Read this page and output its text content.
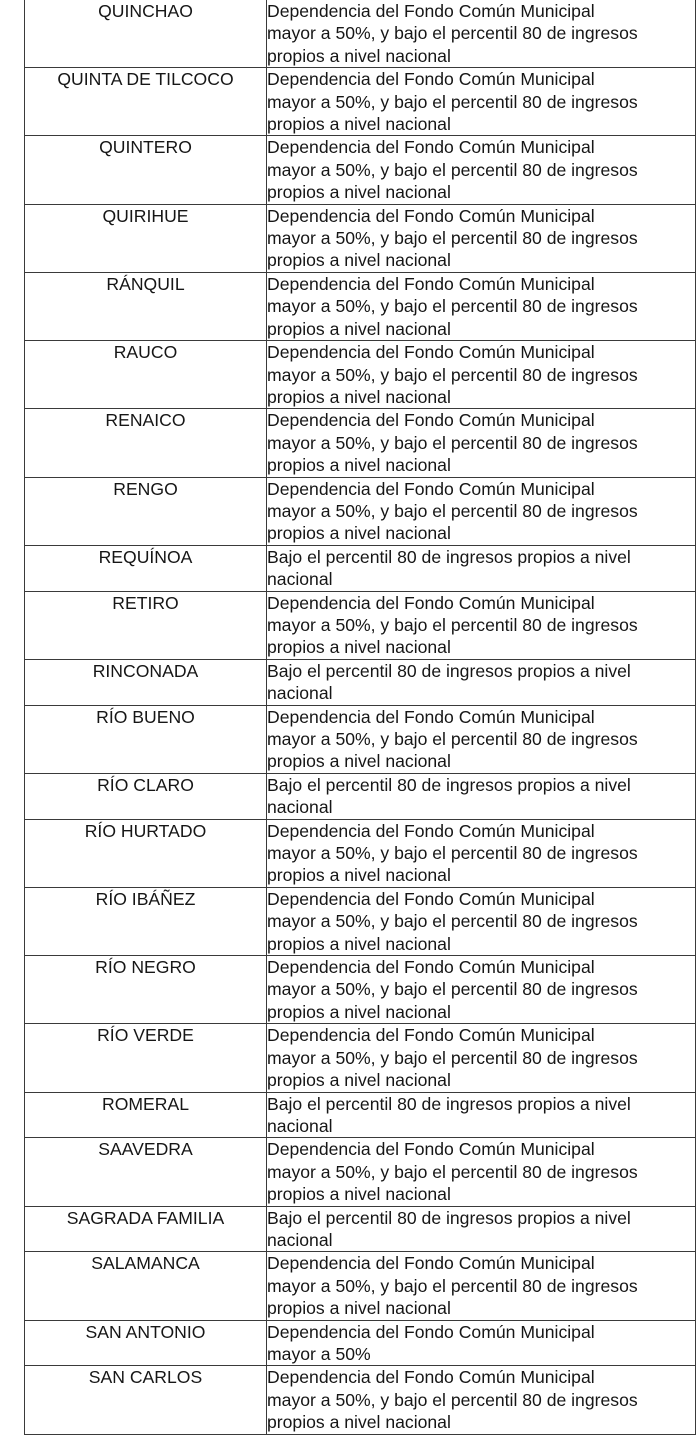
QUINCHAO	Dependencia del Fondo Común Municipal
mayor a 50%, y bajo el percentil 80 de ingresos
propios a nivel nacional

QUINTA DE TILCOCO	Dependencia del Fondo Común Municipal
mayor a 50%, y bajo el percentil 80 de ingresos
propios a nivel nacional

QUINTERO	Dependencia del Fondo Común Municipal
mayor a 50%, y bajo el percentil 80 de ingresos
propios a nivel nacional

QUIRIHUE	Dependencia del Fondo Común Municipal
mayor a 50%, y bajo el percentil 80 de ingresos
propios a nivel nacional

RÁNQUIL	Dependencia del Fondo Común Municipal
mayor a 50%, y bajo el percentil 80 de ingresos
propios a nivel nacional

RAUCO	Dependencia del Fondo Común Municipal
mayor a 50%, y bajo el percentil 80 de ingresos
propios a nivel nacional

RENAICO	Dependencia del Fondo Común Municipal
mayor a 50%, y bajo el percentil 80 de ingresos
propios a nivel nacional

RENGO	Dependencia del Fondo Común Municipal
mayor a 50%, y bajo el percentil 80 de ingresos
propios a nivel nacional

REQUÍNOA	Bajo el percentil 80 de ingresos propios a nivel
nacional

RETIRO	Dependencia del Fondo Común Municipal
mayor a 50%, y bajo el percentil 80 de ingresos
propios a nivel nacional

RINCONADA	Bajo el percentil 80 de ingresos propios a nivel
nacional

RÍO BUENO	Dependencia del Fondo Común Municipal
mayor a 50%, y bajo el percentil 80 de ingresos
propios a nivel nacional

RÍO CLARO	Bajo el percentil 80 de ingresos propios a nivel
nacional

RÍO HURTADO	Dependencia del Fondo Común Municipal
mayor a 50%, y bajo el percentil 80 de ingresos
propios a nivel nacional

RÍO IBÁÑEZ	Dependencia del Fondo Común Municipal
mayor a 50%, y bajo el percentil 80 de ingresos
propios a nivel nacional

RÍO NEGRO	Dependencia del Fondo Común Municipal
mayor a 50%, y bajo el percentil 80 de ingresos
propios a nivel nacional

RÍO VERDE	Dependencia del Fondo Común Municipal
mayor a 50%, y bajo el percentil 80 de ingresos
propios a nivel nacional

ROMERAL	Bajo el percentil 80 de ingresos propios a nivel
nacional

SAAVEDRA	Dependencia del Fondo Común Municipal
mayor a 50%, y bajo el percentil 80 de ingresos
propios a nivel nacional

SAGRADA FAMILIA	Bajo el percentil 80 de ingresos propios a nivel
nacional

SALAMANCA	Dependencia del Fondo Común Municipal
mayor a 50%, y bajo el percentil 80 de ingresos
propios a nivel nacional

SAN ANTONIO	Dependencia del Fondo Común Municipal
mayor a 50%

SAN CARLOS	Dependencia del Fondo Común Municipal
mayor a 50%, y bajo el percentil 80 de ingresos
propios a nivel nacional
